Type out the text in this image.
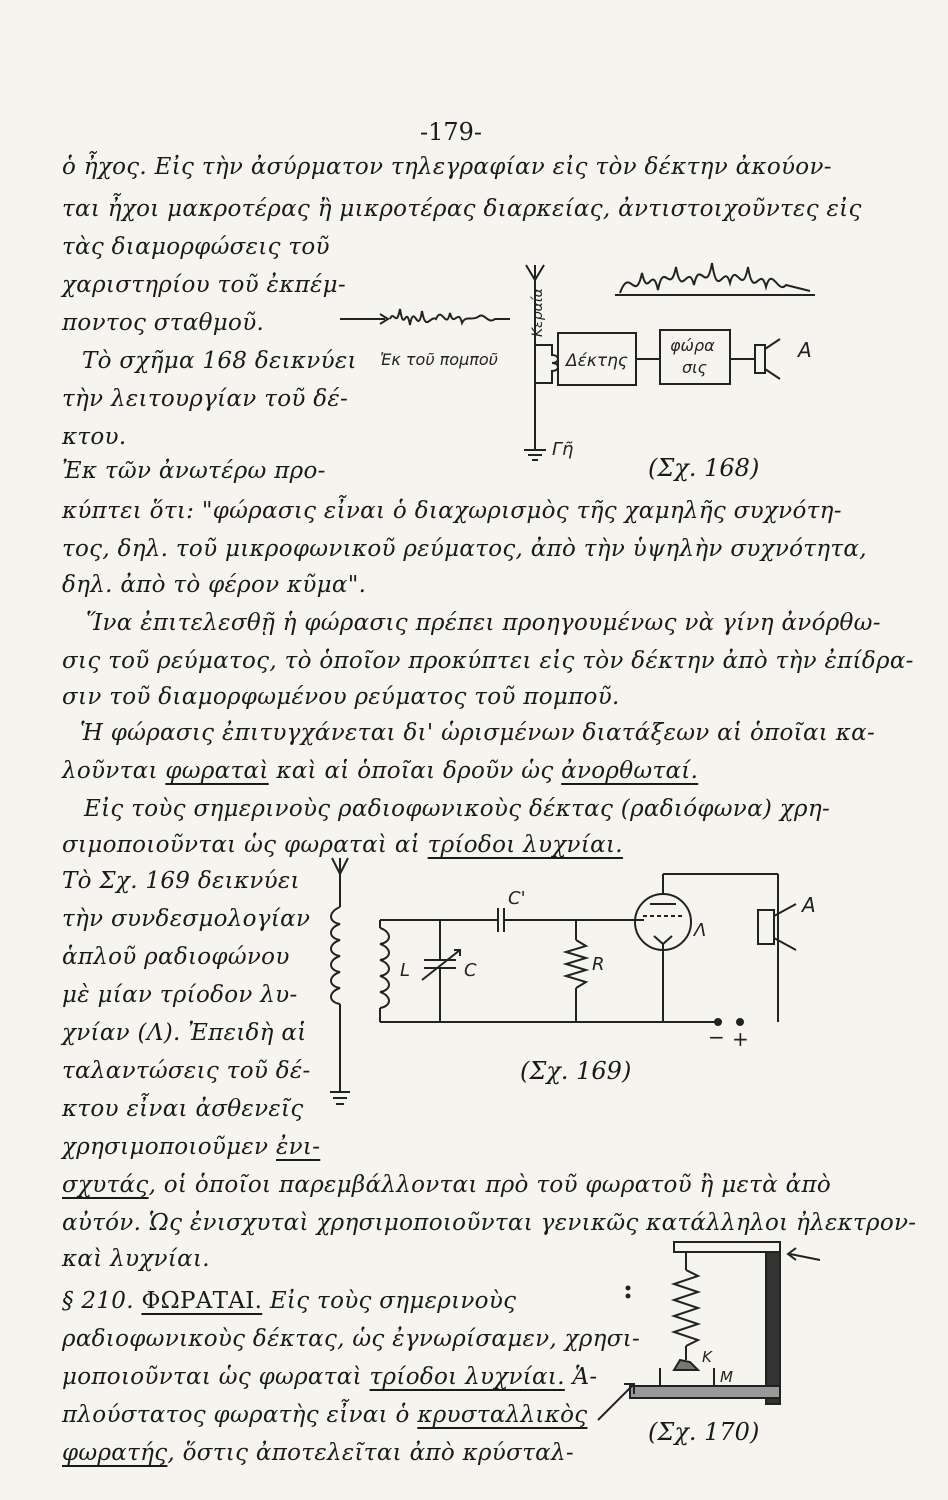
-179-
ὁ ἦχος. Εἰς τὴν ἀσύρματον τηλεγραφίαν εἰς τὸν δέκτην ἀκούον-
ται ἦχοι μακροτέρας ἢ μικροτέρας διαρκείας, ἀντιστοιχοῦντες εἰς
τὰς διαμορφώσεις τοῦ
χαριστηρίου τοῦ ἐκπέμ-
ποντος σταθμοῦ.
Τὸ σχῆμα 168 δεικνύει
τὴν λειτουργίαν τοῦ δέ-
κτου.
Ἐκ τῶν ἀνωτέρω προ-
κύπτει ὅτι: "φώρασις εἶναι ὁ διαχωρισμὸς τῆς χαμηλῆς συχνότη-
τος, δηλ. τοῦ μικροφωνικοῦ ρεύματος, ἀπὸ τὴν ὑψηλὴν συχνότητα,
δηλ. ἀπὸ τὸ φέρον κῦμα".
Ἵνα ἐπιτελεσθῇ ἡ φώρασις πρέπει προηγουμένως νὰ γίνη ἀνόρθω-
σις τοῦ ρεύματος, τὸ ὁποῖον προκύπτει εἰς τὸν δέκτην ἀπὸ τὴν ἐπίδρα-
σιν τοῦ διαμορφωμένου ρεύματος τοῦ πομποῦ.
Ἡ φώρασις ἐπιτυγχάνεται δι' ὡρισμένων διατάξεων αἱ ὁποῖαι κα-
λοῦνται φωραταὶ καὶ αἱ ὁποῖαι δροῦν ὡς ἀνορθωταί.
Εἰς τοὺς σημερινοὺς ραδιοφωνικοὺς δέκτας (ραδιόφωνα) χρη-
σιμοποιοῦνται ὡς φωραταὶ αἱ τρίοδοι λυχνίαι.
Τὸ Σχ. 169 δεικνύει
τὴν συνδεσμολογίαν
ἁπλοῦ ραδιοφώνου
μὲ μίαν τρίοδον λυ-
χνίαν (Λ). Ἐπειδὴ αἱ
ταλαντώσεις τοῦ δέ-
κτου εἶναι ἀσθενεῖς
χρησιμοποιοῦμεν ἐνι-
σχυτάς, οἱ ὁποῖοι παρεμβάλλονται πρὸ τοῦ φωρατοῦ ἢ μετὰ ἀπὸ
αὐτόν. Ὡς ἐνισχυταὶ χρησιμοποιοῦνται γενικῶς κατάλληλοι ἠλεκτρον-
καὶ λυχνίαι.
§ 210. ΦΩΡΑΤΑΙ. Εἰς τοὺς σημερινοὺς
ραδιοφωνικοὺς δέκτας, ὡς ἐγνωρίσαμεν, χρησι-
μοποιοῦνται ὡς φωραταὶ τρίοδοι λυχνίαι. Ἁ-
πλούστατος φωρατὴς εἶναι ὁ κρυσταλλικὸς
φωρατής, ὅστις ἀποτελεῖται ἀπὸ κρύσταλ-
Κεραία
Ἐκ τοῦ πομποῦ	Δέκτης
φώρα
σις
Α
Γῆ
(Σχ. 168)
L	C
C'
R
Λ
Α
− +
(Σχ. 169)
Κ
Μ
(Σχ. 170)
